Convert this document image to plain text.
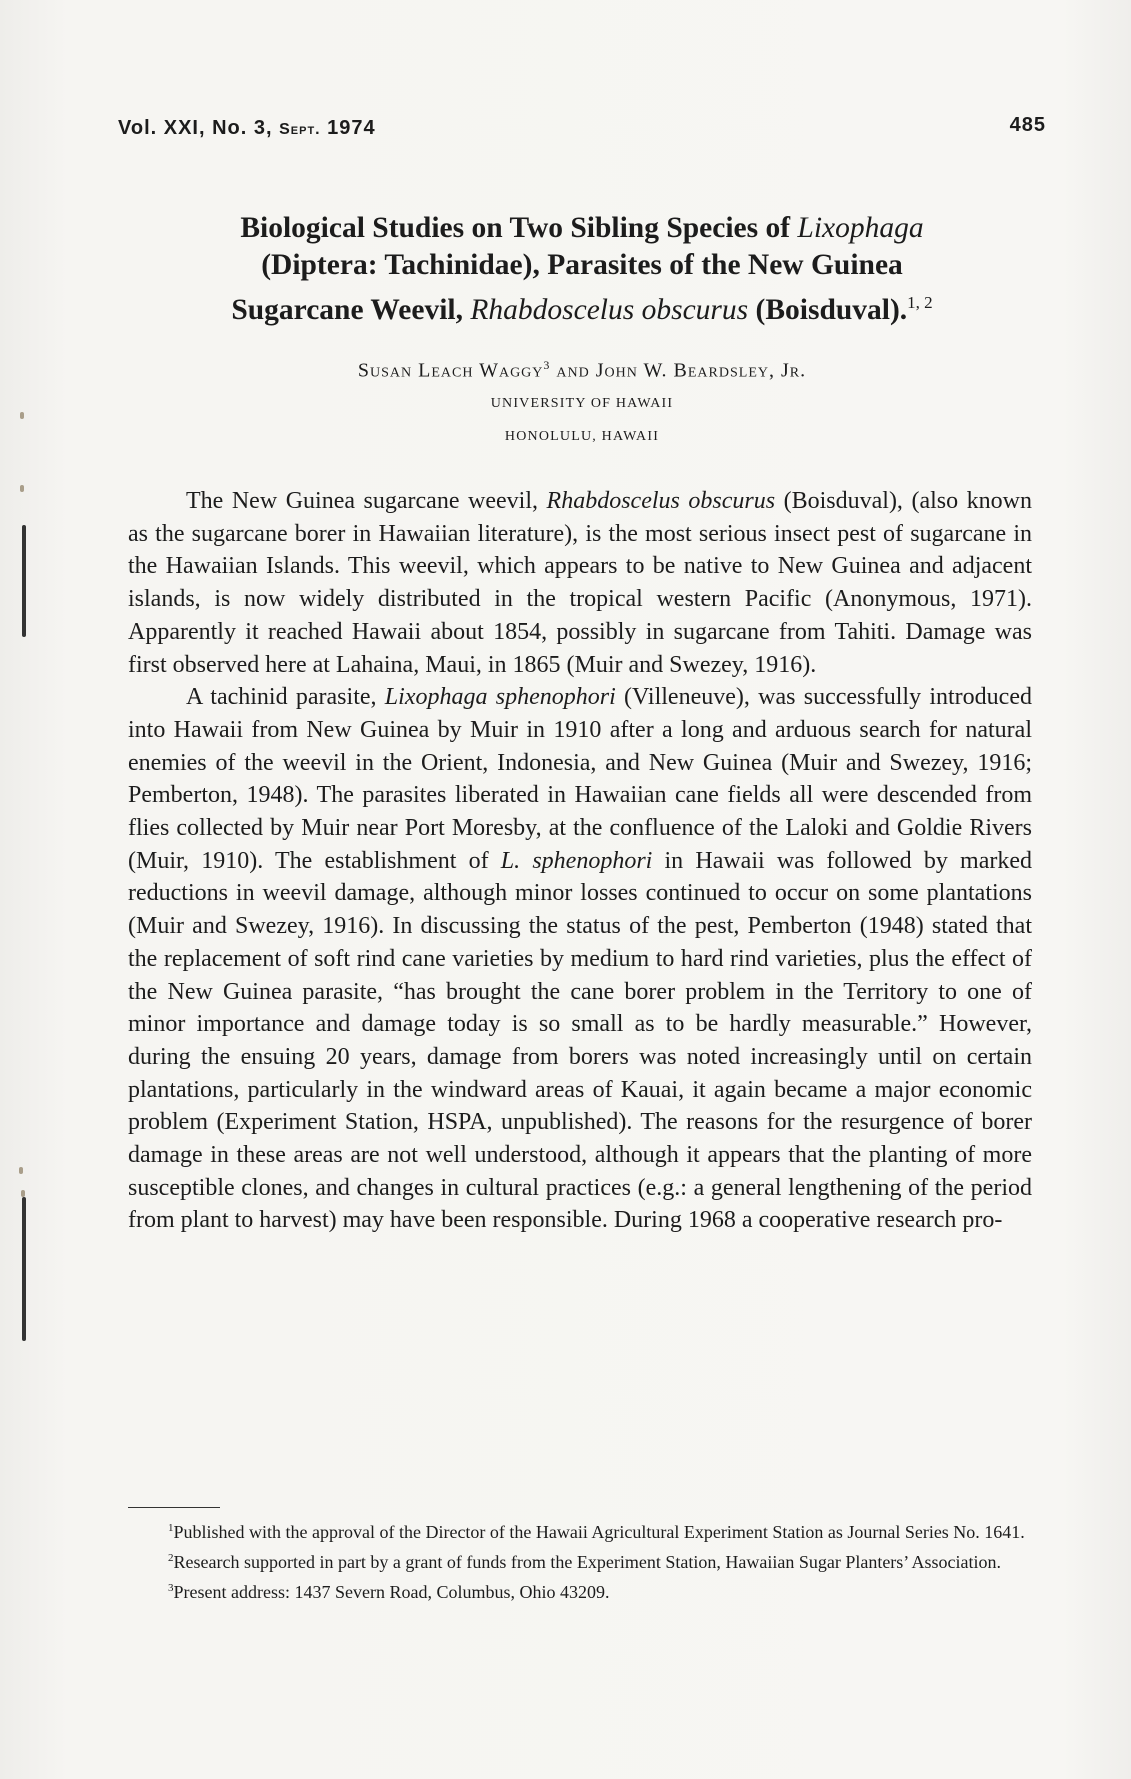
Vol. XXI, No. 3, Sept. 1974	485
Biological Studies on Two Sibling Species of Lixophaga
(Diptera: Tachinidae), Parasites of the New Guinea
Sugarcane Weevil, Rhabdoscelus obscurus (Boisduval).$^{1, 2}$
Susan Leach Waggy$^3$ and John W. Beardsley, Jr.
UNIVERSITY OF HAWAII
HONOLULU, HAWAII

The New Guinea sugarcane weevil, Rhabdoscelus obscurus (Boisduval), (also known as the sugarcane borer in Hawaiian literature), is the most serious insect pest of sugarcane in the Hawaiian Islands. This weevil, which appears to be native to New Guinea and adjacent islands, is now widely distributed in the tropical western Pacific (Anonymous, 1971). Apparently it reached Hawaii about 1854, possibly in sugarcane from Tahiti. Damage was first observed here at Lahaina, Maui, in 1865 (Muir and Swezey, 1916).

A tachinid parasite, Lixophaga sphenophori (Villeneuve), was successfully introduced into Hawaii from New Guinea by Muir in 1910 after a long and arduous search for natural enemies of the weevil in the Orient, Indonesia, and New Guinea (Muir and Swezey, 1916; Pemberton, 1948). The parasites liberated in Hawaiian cane fields all were descended from flies collected by Muir near Port Moresby, at the confluence of the Laloki and Goldie Rivers (Muir, 1910). The establishment of L. sphenophori in Hawaii was followed by marked reductions in weevil damage, although minor losses continued to occur on some plantations (Muir and Swezey, 1916). In discussing the status of the pest, Pemberton (1948) stated that the replacement of soft rind cane varieties by medium to hard rind varieties, plus the effect of the New Guinea parasite, “has brought the cane borer problem in the Territory to one of minor importance and damage today is so small as to be hardly measurable.” However, during the ensuing 20 years, damage from borers was noted increasingly until on certain plantations, particularly in the windward areas of Kauai, it again became a major economic problem (Experiment Station, HSPA, unpublished). The reasons for the resurgence of borer damage in these areas are not well understood, although it appears that the planting of more susceptible clones, and changes in cultural practices (e.g.: a general lengthening of the period from plant to harvest) may have been responsible. During 1968 a cooperative research pro-

$^1$Published with the approval of the Director of the Hawaii Agricultural Experiment Station as Journal Series No. 1641.

$^2$Research supported in part by a grant of funds from the Experiment Station, Hawaiian Sugar Planters’ Association.

$^3$Present address: 1437 Severn Road, Columbus, Ohio 43209.
